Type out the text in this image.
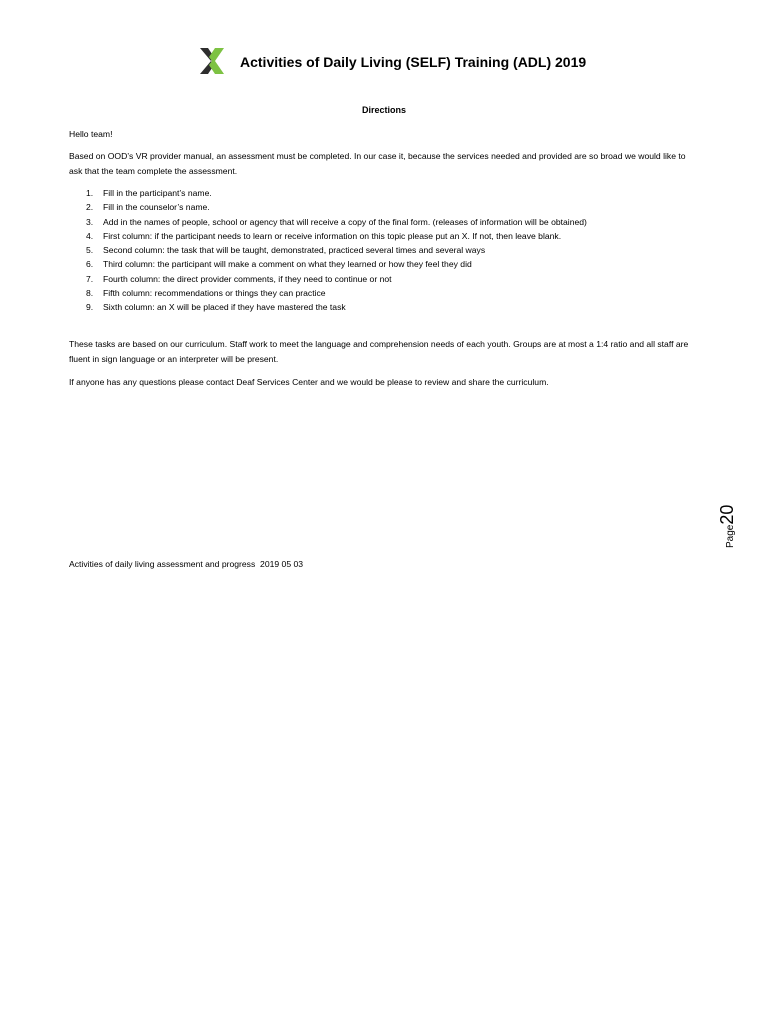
Activities of Daily Living (SELF) Training (ADL) 2019
Directions

Hello team!

Based on OOD’s VR provider manual, an assessment must be completed. In our case it, because the services needed and provided are so broad we would like to ask that the team complete the assessment.

1.	Fill in the participant’s name.
2.	Fill in the counselor’s name.
3.	Add in the names of people, school or agency that will receive a copy of the final form. (releases of information will be obtained)
4.	First column: if the participant needs to learn or receive information on this topic please put an X. If not, then leave blank.
5.	Second column: the task that will be taught, demonstrated, practiced several times and several ways
6.	Third column: the participant will make a comment on what they learned or how they feel they did
7.	Fourth column: the direct provider comments, if they need to continue or not
8.	Fifth column: recommendations or things they can practice
9.	Sixth column: an X will be placed if they have mastered the task

These tasks are based on our curriculum. Staff work to meet the language and comprehension needs of each youth. Groups are at most a 1:4 ratio and all staff are fluent in sign language or an interpreter will be present.

If anyone has any questions please contact Deaf Services Center and we would be please to review and share the curriculum.

Page20
Activities of daily living assessment and progress  2019 05 03
